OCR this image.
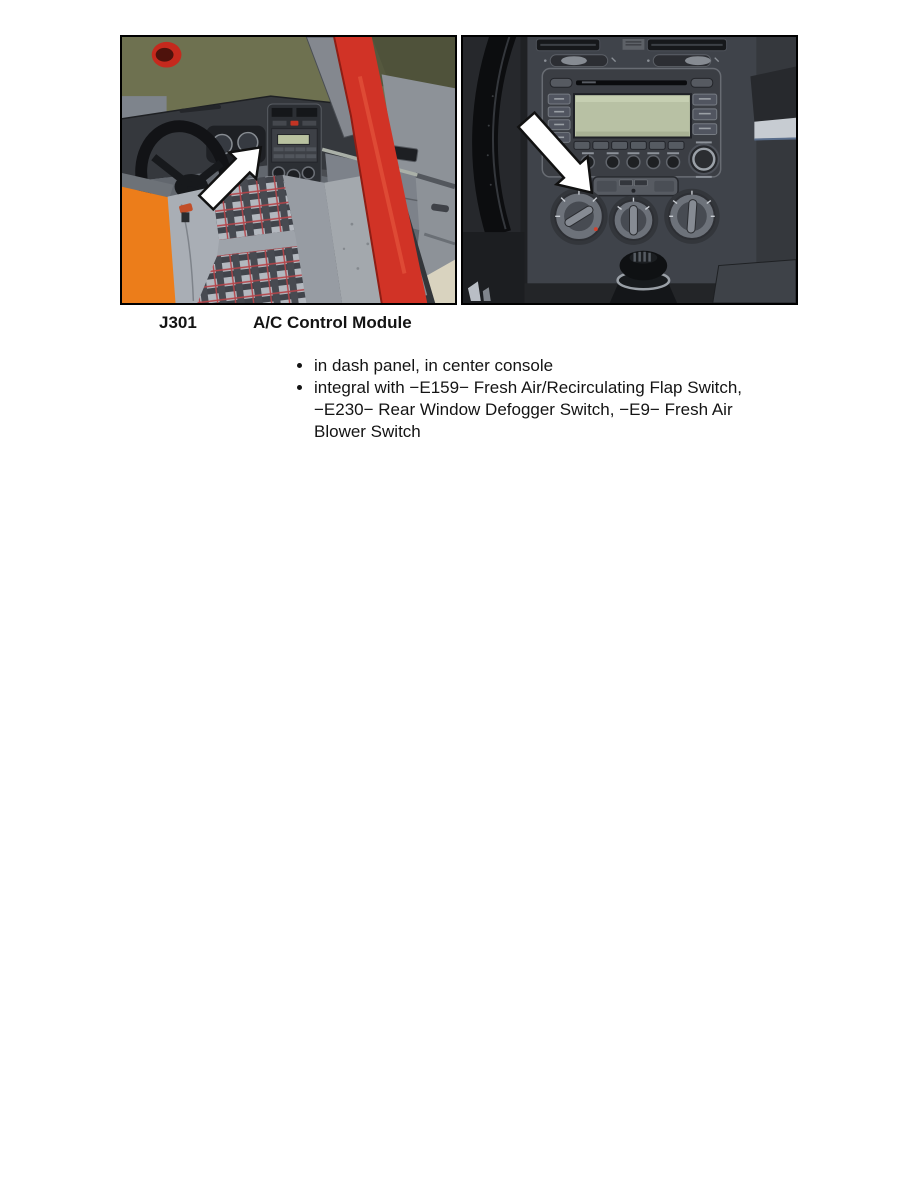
J301	A/C Control Module
• in dash panel, in center console
• integral with −E159− Fresh Air/Recirculating Flap Switch,
−E230− Rear Window Defogger Switch, −E9− Fresh Air
Blower Switch
